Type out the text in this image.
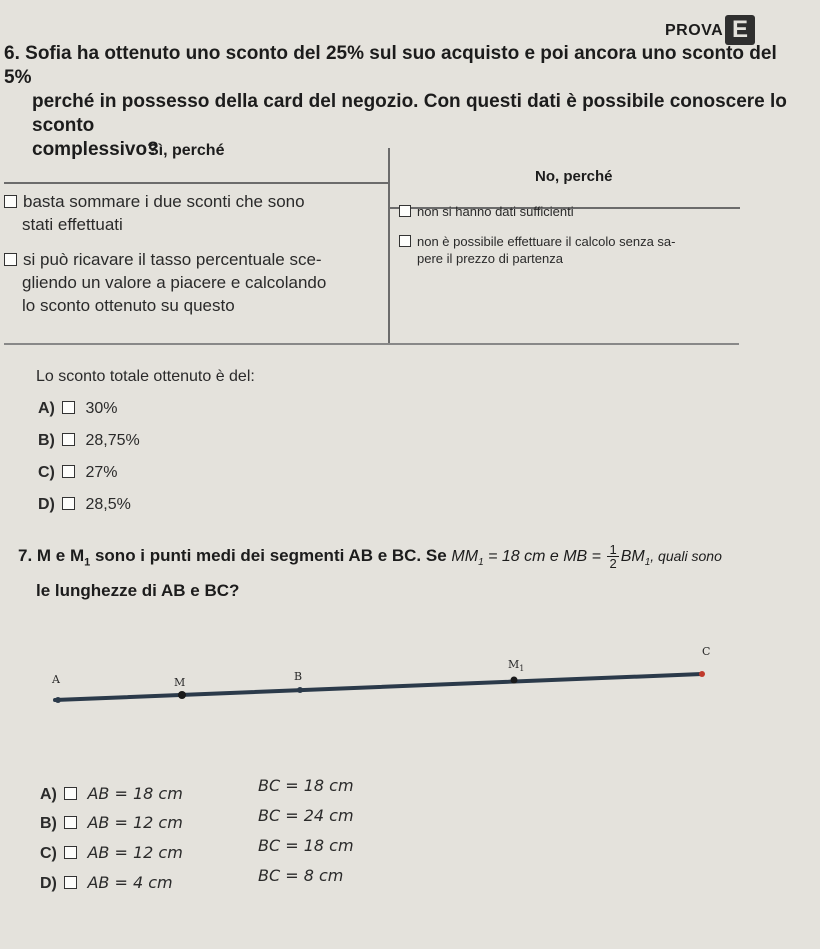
PROVA E

6. Sofia ha ottenuto uno sconto del 25% sul suo acquisto e poi ancora uno sconto del 5%

perché in possesso della card del negozio. Con questi dati è possibile conoscere lo sconto

complessivo?

Sì, perché
No, perché
basta sommare i due sconti che sono
stati effettuati
si può ricavare il tasso percentuale sce-
gliendo un valore a piacere e calcolando
lo sconto ottenuto su questo
non si hanno dati sufficienti
non è possibile effettuare il calcolo senza sa-
pere il prezzo di partenza
Lo sconto totale ottenuto è del:
A) 30%
B) 28,75%
C) 27%
D) 28,5%
7. M e $M_1$ sono i punti medi dei segmenti AB e BC. Se $MM_1 = 18$ cm e MB = $\frac{1}{2} BM_1$, quali sono
le lunghezze di AB e BC?
A	M	B
$M_1$
C
A) AB = 18 cm	BC = 18 cm
B) AB = 12 cm	BC = 24 cm
C) AB = 12 cm	BC = 18 cm
D) AB = 4 cm	BC = 8 cm
